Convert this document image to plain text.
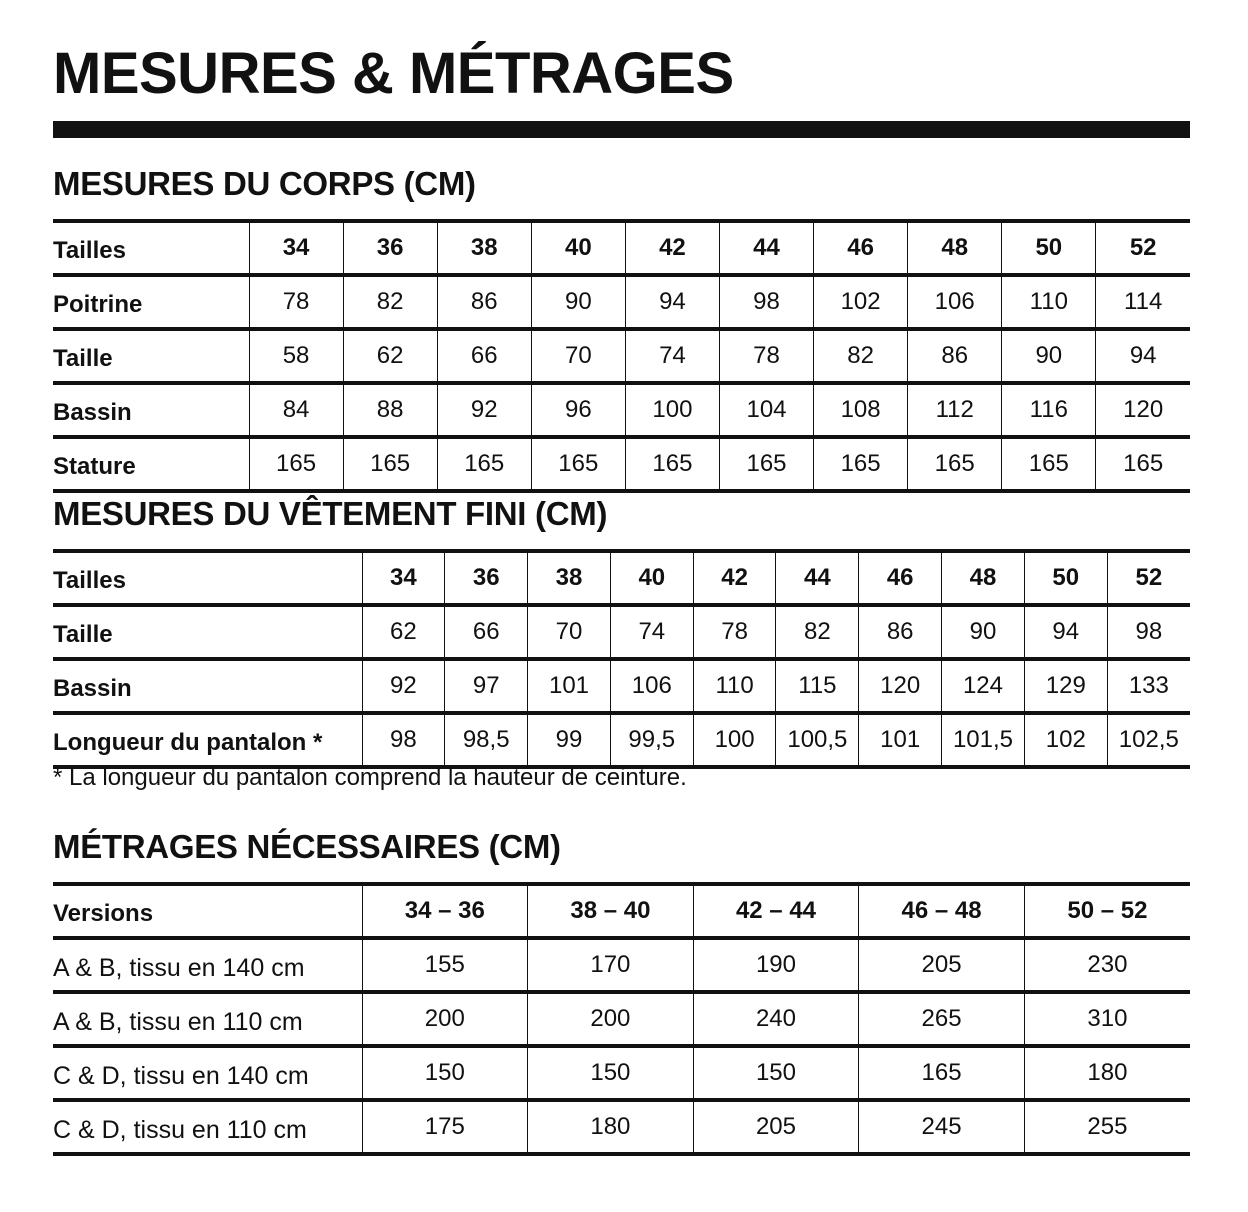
MESURES & MÉTRAGES
MESURES DU CORPS (CM)
Tailles	34	36	38	40	42	44	46	48	50	52
Poitrine	78	82	86	90	94	98	102	106	110	114
Taille	58	62	66	70	74	78	82	86	90	94
Bassin	84	88	92	96	100	104	108	112	116	120
Stature	165	165	165	165	165	165	165	165	165	165
MESURES DU VÊTEMENT FINI (CM)
Tailles	34	36	38	40	42	44	46	48	50	52
Taille	62	66	70	74	78	82	86	90	94	98
Bassin	92	97	101	106	110	115	120	124	129	133
Longueur du pantalon *	98	98,5	99	99,5	100	100,5	101	101,5	102	102,5

* La longueur du pantalon comprend la hauteur de ceinture.

MÉTRAGES NÉCESSAIRES (CM)
Versions	34 – 36	38 – 40	42 – 44	46 – 48	50 – 52
A & B, tissu en 140 cm	155	170	190	205	230
A & B, tissu en 110 cm	200	200	240	265	310
C & D, tissu en 140 cm	150	150	150	165	180
C & D, tissu en 110 cm	175	180	205	245	255
